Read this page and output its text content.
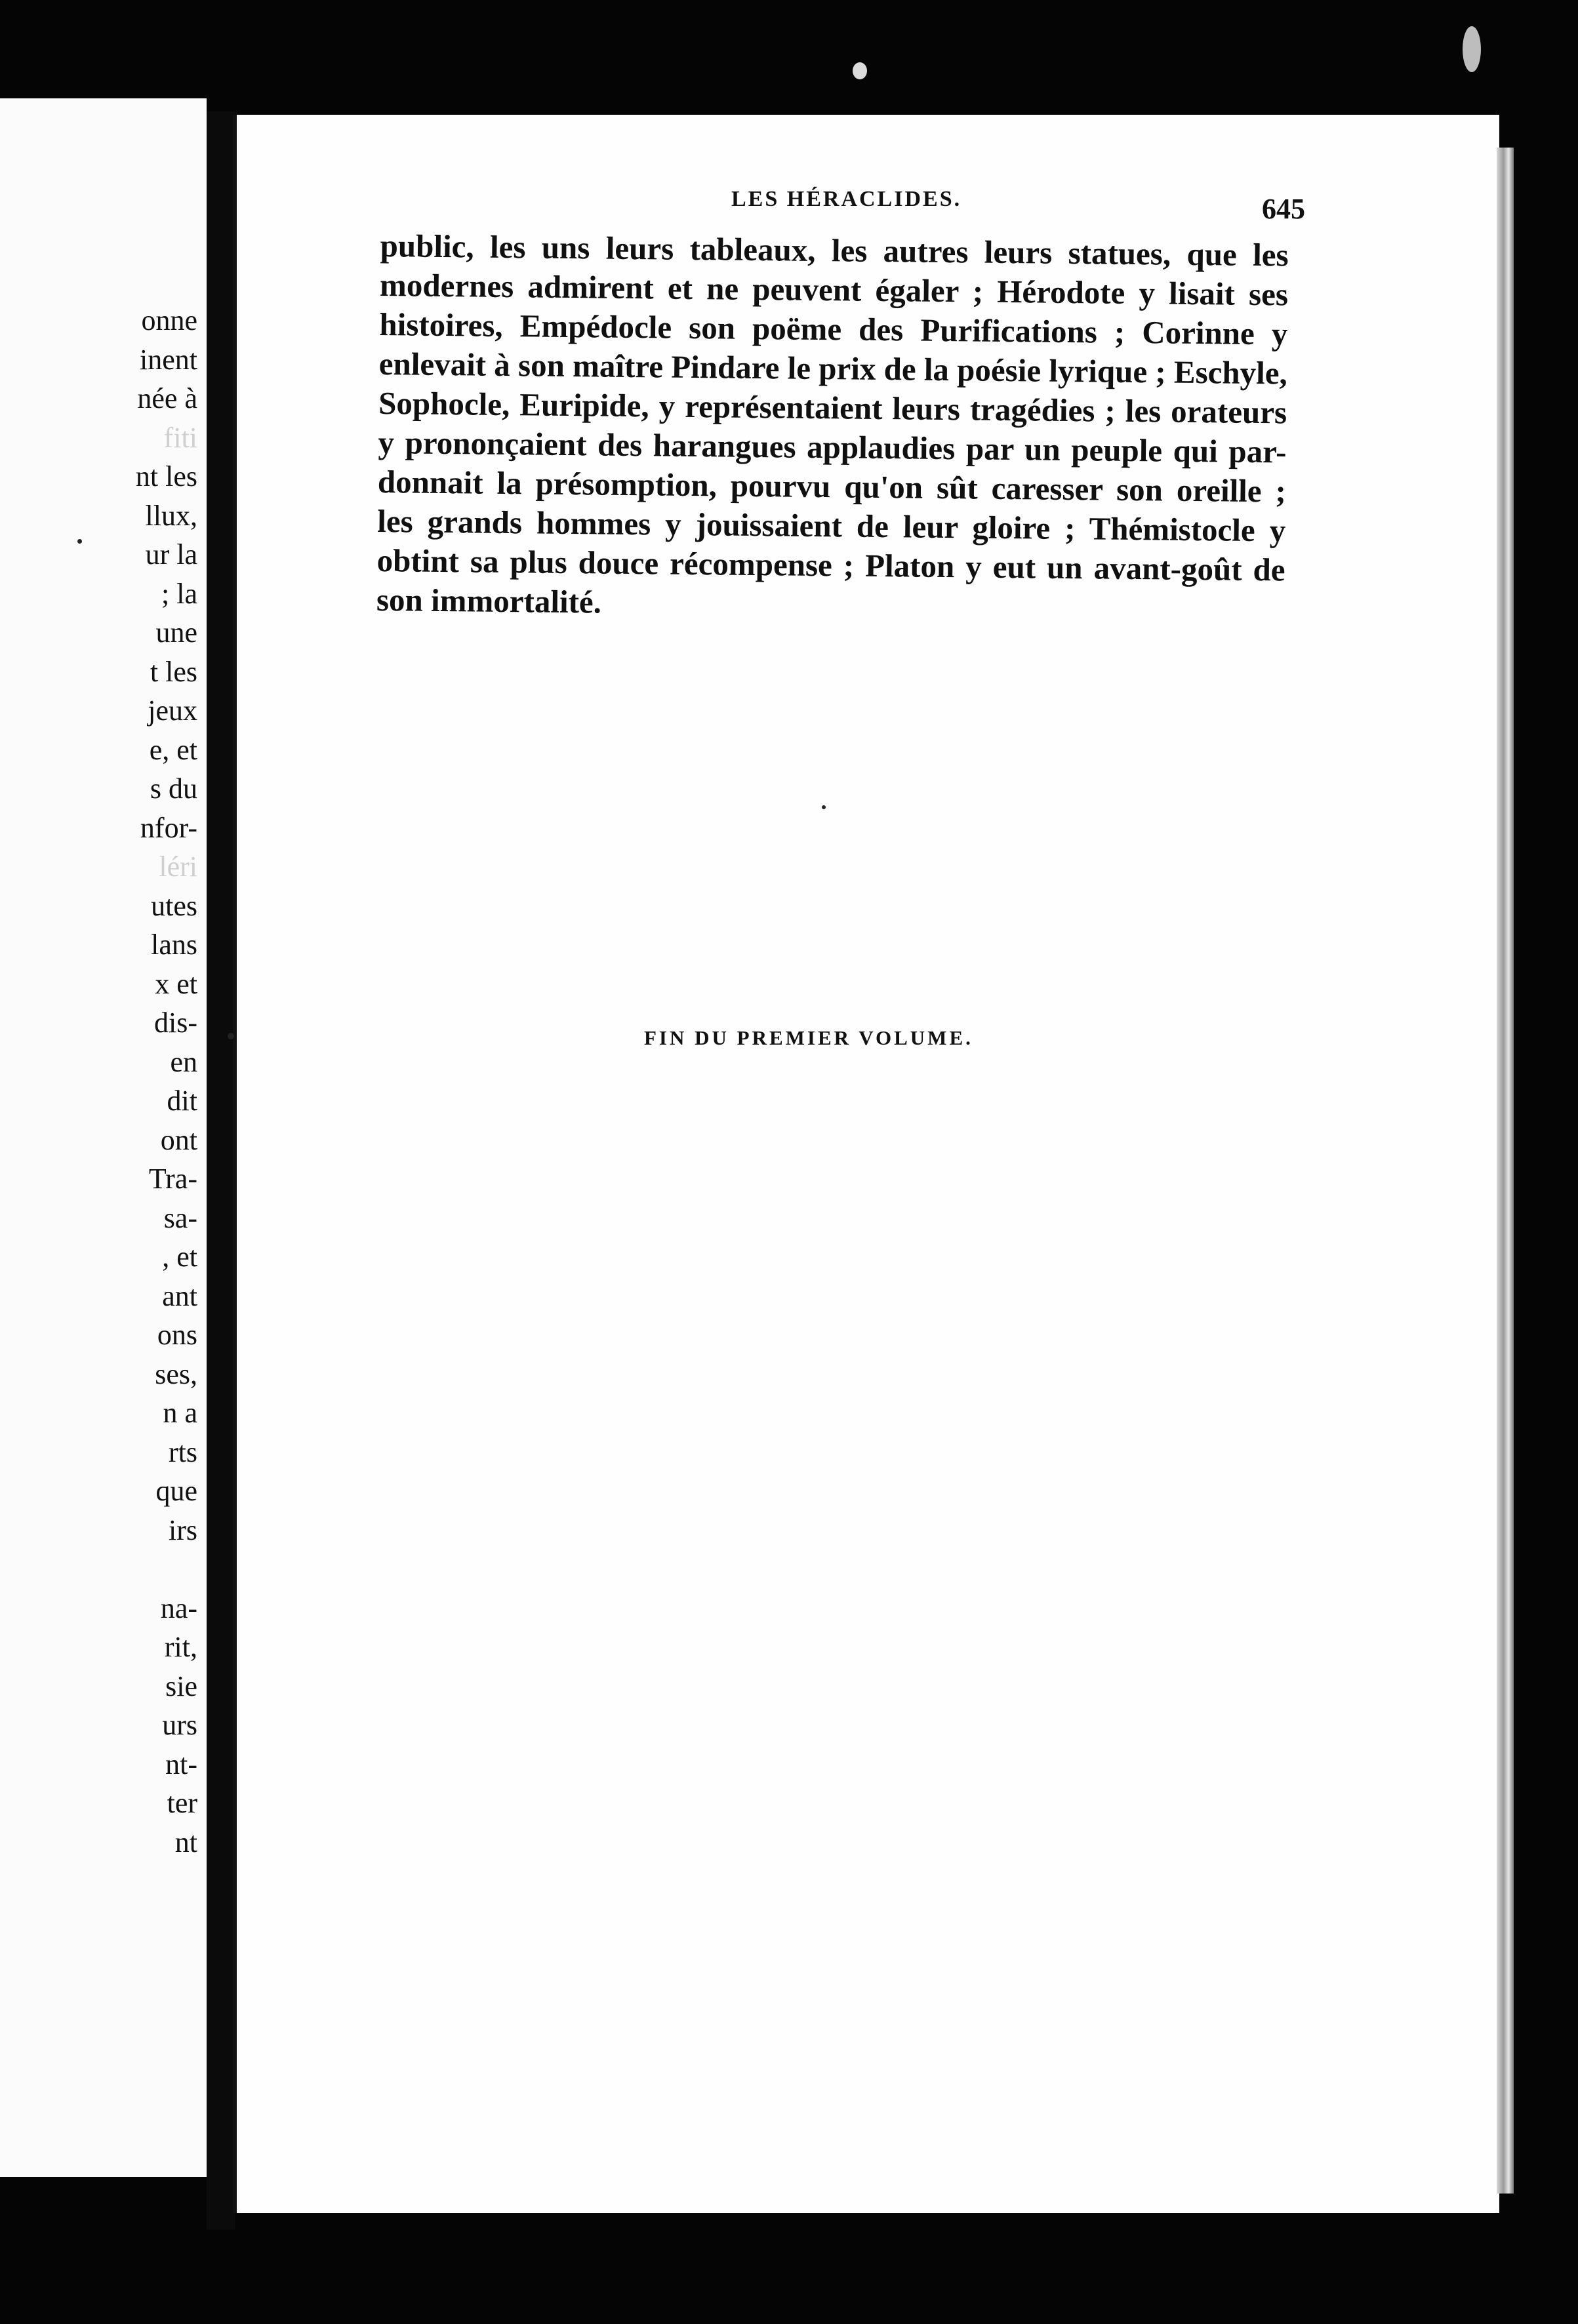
onne
inent
née à
fiti
nt les
llux,
ur la
; la
une
t les
jeux
e, et
s du
nfor-
léri
utes
lans
x et
dis-
en
dit
ont
Tra-
sa-
, et
ant
ons
ses,
n a
rts
que
irs
na-
rit,
sie
urs
nt-
ter
nt
LES HÉRACLIDES.	645
public, les uns leurs tableaux, les autres leurs statues, que les
modernes admirent et ne peuvent égaler ; Hérodote y lisait ses
histoires, Empédocle son poëme des Purifications ; Corinne y
enlevait à son maître Pindare le prix de la poésie lyrique ; Eschyle,
Sophocle, Euripide, y représentaient leurs tragédies ; les orateurs
y prononçaient des harangues applaudies par un peuple qui par-
donnait la présomption, pourvu qu'on sût caresser son oreille ;
les grands hommes y jouissaient de leur gloire ; Thémistocle y
obtint sa plus douce récompense ; Platon y eut un avant-goût de
son immortalité.
FIN DU PREMIER VOLUME.
